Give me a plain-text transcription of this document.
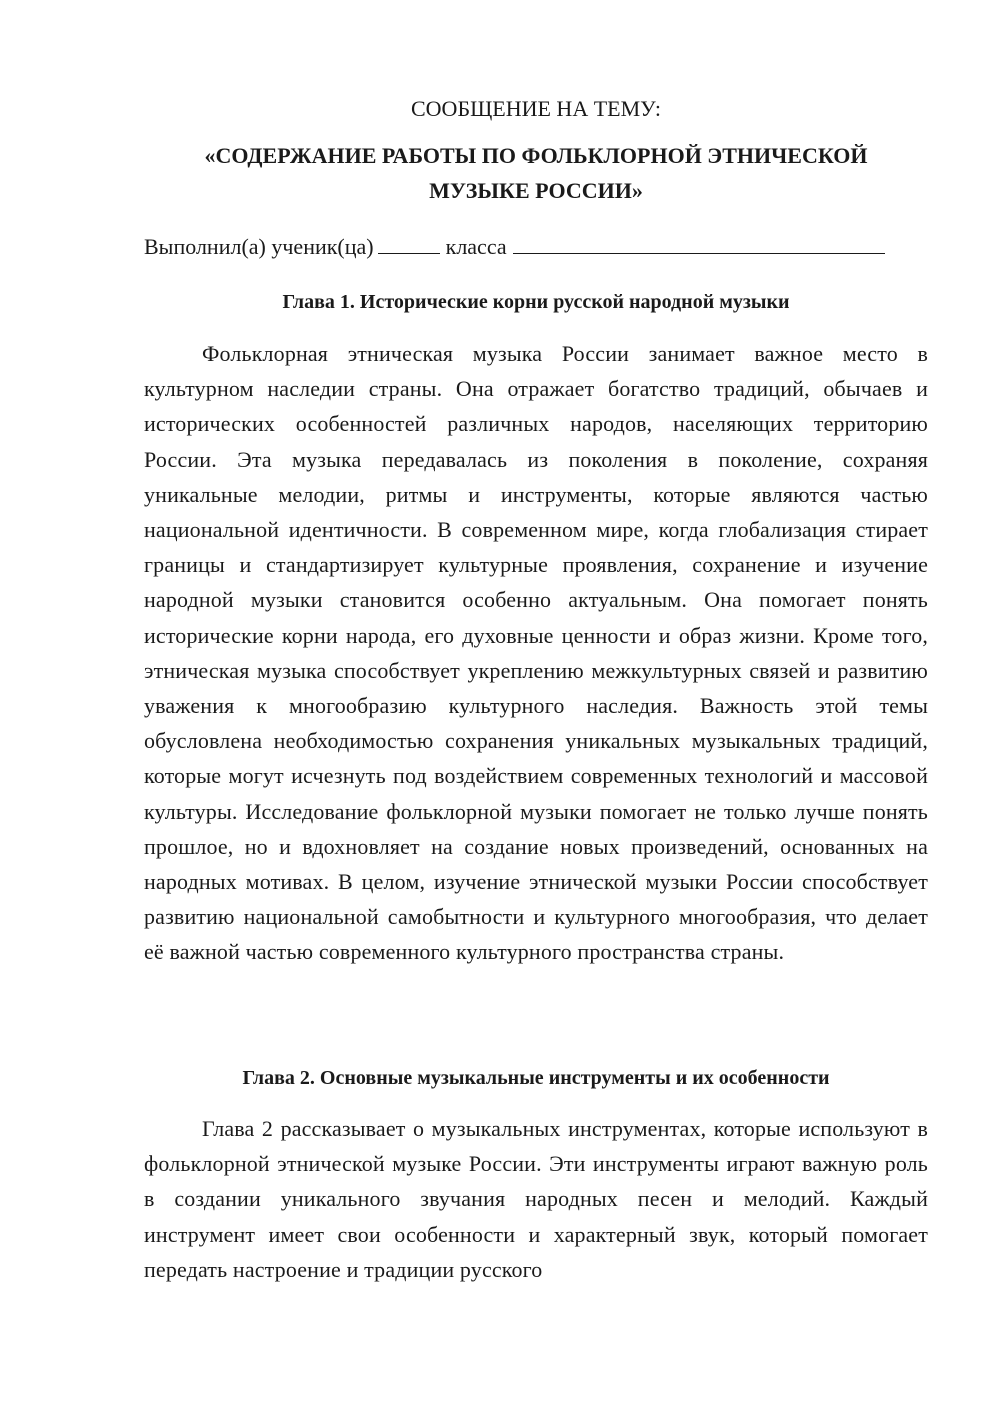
СООБЩЕНИЕ НА ТЕМУ:
«СОДЕРЖАНИЕ РАБОТЫ ПО ФОЛЬКЛОРНОЙ ЭТНИЧЕСКОЙ
МУЗЫКЕ РОССИИ»
Выполнил(а) ученик(ца)	класса
Глава 1. Исторические корни русской народной музыки

Фольклорная этническая музыка России занимает важное место в культурном наследии страны. Она отражает богатство традиций, обычаев и исторических особенностей различных народов, населяющих территорию России. Эта музыка передавалась из поколения в поколение, сохраняя уникальные мелодии, ритмы и инструменты, которые являются частью национальной идентичности. В современном мире, когда глобализация стирает границы и стандартизирует культурные проявления, сохранение и изучение народной музыки становится особенно актуальным. Она помогает понять исторические корни народа, его духовные ценности и образ жизни. Кроме того, этническая музыка способствует укреплению межкультурных связей и развитию уважения к многообразию культурного наследия. Важность этой темы обусловлена необходимостью сохранения уникальных музыкальных традиций, которые могут исчезнуть под воздействием современных технологий и массовой культуры. Исследование фольклорной музыки помогает не только лучше понять прошлое, но и вдохновляет на создание новых произведений, основанных на народных мотивах. В целом, изучение этнической музыки России способствует развитию национальной самобытности и культурного многообразия, что делает её важной частью современного культурного пространства страны.

Глава 2. Основные музыкальные инструменты и их особенности

Глава 2 рассказывает о музыкальных инструментах, которые используют в фольклорной этнической музыке России. Эти инструменты играют важную роль в создании уникального звучания народных песен и мелодий. Каждый инструмент имеет свои особенности и характерный звук, который помогает передать настроение и традиции русского
